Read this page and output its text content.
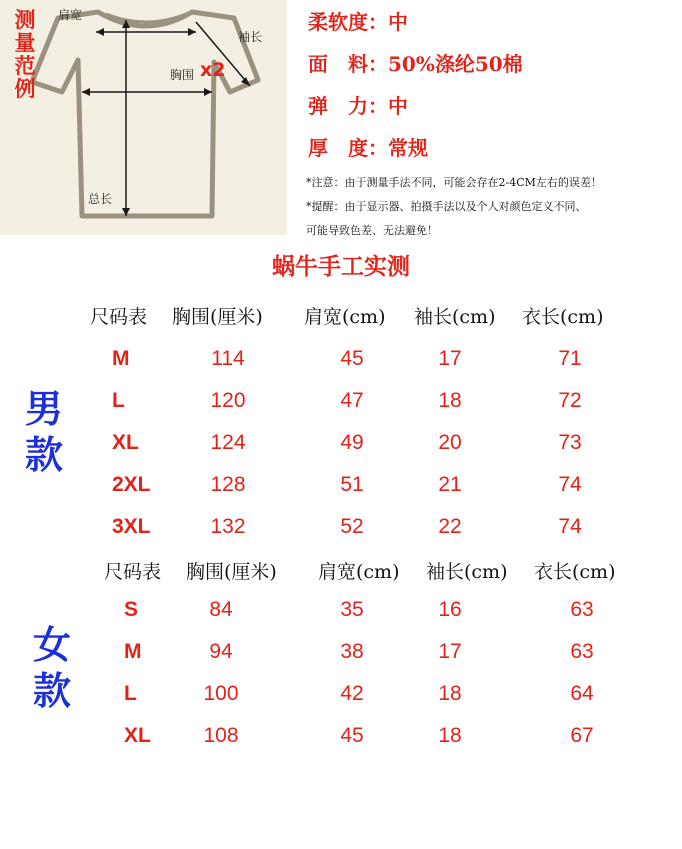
测量范例
肩宽
袖长
胸围 x2
总长
柔软度：中
面　料：50%涤纶50棉
弹　力：中
厚　度：常规
*注意：由于测量手法不同，可能会存在2-4CM左右的误差！
*提醒：由于显示器、拍摄手法以及个人对颜色定义不同、
可能导致色差、无法避免！
蜗牛手工实测
尺码表 胸围(厘米) 肩宽(cm) 袖长(cm) 衣长(cm)
男款
M	114	45	17	71
L	120	47	18	72
XL	124	49	20	73
2XL	128	51	21	74
3XL	132	52	22	74
尺码表 胸围(厘米) 肩宽(cm) 袖长(cm) 衣长(cm)
女款
S	84	35	16	63
M	94	38	17	63
L	100	42	18	64
XL	108	45	18	67
